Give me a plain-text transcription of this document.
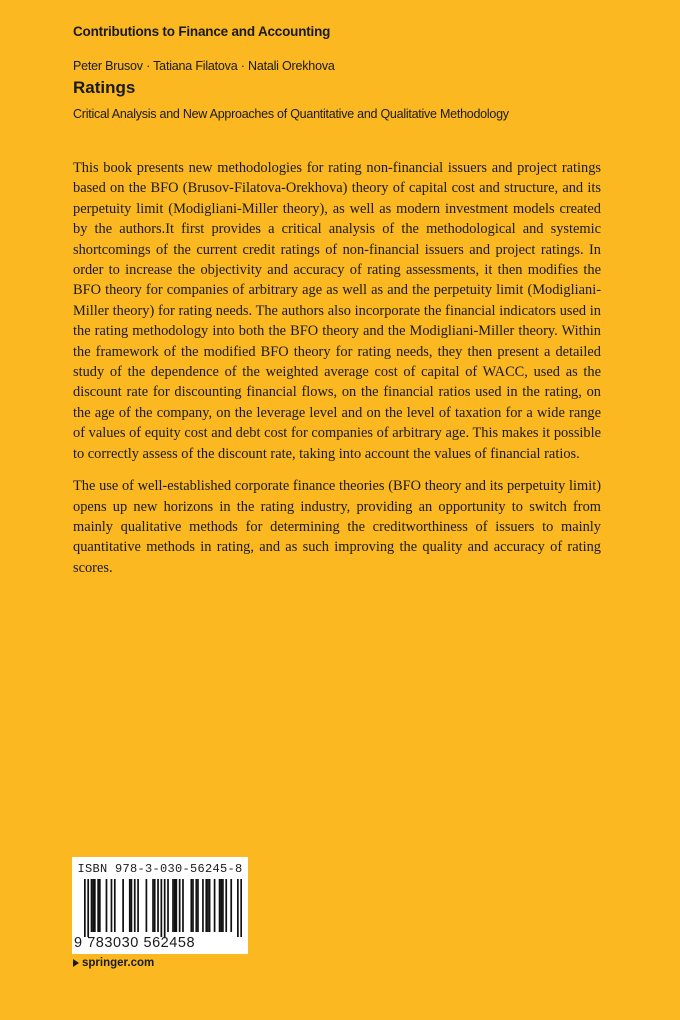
Contributions to Finance and Accounting
Peter Brusov · Tatiana Filatova · Natali Orekhova
Ratings
Critical Analysis and New Approaches of Quantitative and Qualitative Methodology

This book presents new methodologies for rating non-financial issuers and project ratings based on the BFO (Brusov-Filatova-Orekhova) theory of capital cost and structure, and its perpetuity limit (Modigliani-Miller theory), as well as modern investment models created by the authors.It first provides a critical analysis of the methodological and systemic shortcomings of the current credit ratings of non-financial issuers and project ratings. In order to increase the objectivity and accuracy of rating assessments, it then modifies the BFO theory for companies of arbitrary age as well as and the perpetuity limit (Modigliani-Miller theory) for rating needs. The authors also incorporate the financial indicators used in the rating methodology into both the BFO theory and the Modigliani-Miller theory. Within the framework of the modified BFO theory for rating needs, they then present a detailed study of the dependence of the weighted average cost of capital of WACC, used as the discount rate for discounting financial flows, on the financial ratios used in the rating, on the age of the company, on the leverage level and on the level of taxation for a wide range of values of equity cost and debt cost for companies of arbitrary age. This makes it possible to correctly assess of the discount rate, taking into account the values of financial ratios.

The use of well-established corporate finance theories (BFO theory and its perpetuity limit) opens up new horizons in the rating industry, providing an opportunity to switch from mainly qualitative methods for determining the creditworthiness of issuers to mainly quantitative methods in rating, and as such improving the quality and accuracy of rating scores.

ISBN 978-3-030-56245-8
9 783030 562458
springer.com
